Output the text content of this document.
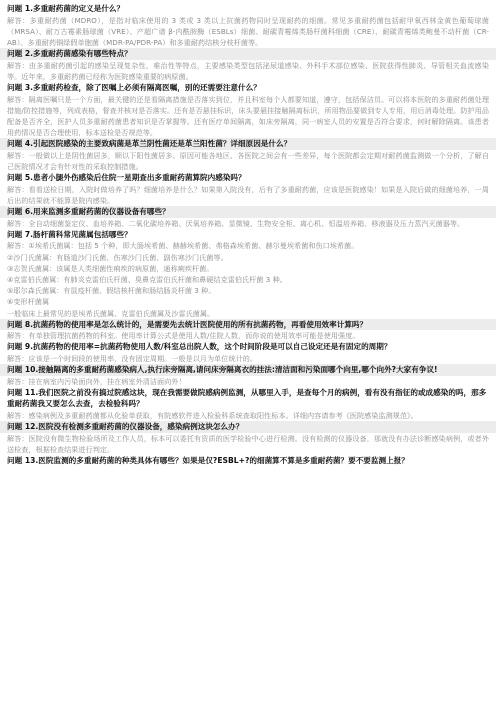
问题 1.多重耐药菌的定义是什么？

解答：多重耐药菌（MDRO），是指对临床使用的 3 类或 3 类以上抗菌药物同时呈现耐药的细菌。常见多重耐药菌包括耐甲氧西林金黄色葡萄球菌（MRSA）、耐万古霉素肠球菌（VRE）、产超广谱 β-内酰胺酶（ESBLs）细菌、耐碳青霉烯类肠杆菌科细菌（CRE）、耐碳青霉烯类鲍曼不动杆菌（CR-AB）、多重耐药铜绿假单胞菌（MDR-PA/PDR-PA）和多重耐药结核分枝杆菌等。

问题 2.多重耐药菌感染有哪些特点？

解答：由多重耐药菌引起的感染呈现复杂性、难治性等特点，主要感染类型包括泌尿道感染、外科手术部位感染、医院获得性肺炎、导管相关血流感染等。近年来，多重耐药菌已经称为医院感染重要的病原菌。

问题 3.多重耐药检查，除了医嘱上必须有隔离医嘱，别的还需要注意什么？

解答：隔离医嘱只是一个方面，最关键的还是看隔离措施是否落实到位，并且科室每个人都要知道，遵守，包括保洁员。可以将本医院的多重耐药菌处理措施/防控措施等，列成表格，督查并核对是否落实。还有是否悬挂标识，床头要悬挂接触隔离标识，所用物品要做到专人专用，用后消毒处理。防护用品配备是否齐全，医护人员多重耐药菌患者知识是否掌握等。还有医疗单间隔离，如床旁隔离，同一病室人员的安置是否符合要求，何时解除隔离。该患者用药情况是否合理使用，标本送检是否规范等。

问题 4.引起医院感染的主要致病菌是革兰阴性菌还是革兰阳性菌？详细原因是什么？

解答：一般做以上是阴性菌居多，顺以下阳性菌居多。原因可能各地区、各医院之间会有一些差异，每个医院都会定期对耐药菌监测做一个分析，了解自己医院情况才会有针对性的采取控制措施。

问题 5.患者小腿外伤感染后住院一星期查出多重耐药菌算院内感染吗？

解答：看看送检日期，入院时做培养了吗？细菌培养是什么？如果第入院没有，后有了多重耐药菌，应该是医院感染！如果是入院后做的细菌培养，一周后出的结果就不能算是院内感染。

问题 6.用来监测多重耐药菌的仪器设备有哪些？

解答：全自动细菌鉴定仪、血培养箱、二氧化碳培养箱、厌氧培养箱、显微镜、生物安全柜、离心机、恒温培养箱、移液器及压力蒸汽灭菌器等。

问题 7.肠杆菌科常见菌属包括哪些？

解答：①埃希氏菌属：包括 5 个种，即大肠埃希菌、赫赫埃希菌、弗格森埃希菌、赫尔曼埃希菌和伤口埃希菌。

②沙门氏菌属：有肠道沙门氏菌、伤寒沙门氏菌、副伤寒沙门氏菌等。

③志贺氏菌属：该属是人类细菌性痢疾的病原菌，通称痢疾杆菌。

④克雷伯氏菌属：有肺炎克雷伯氏杆菌、臭鼻克雷伯氏杆菌和鼻硬结克雷伯氏杆菌 3 种。

⑤耶尔森氏菌属：有鼠疫杆菌、假结核杆菌和肠结肠炎杆菌 3 种。

⑥变形杆菌属

一般临床上最常见的是埃希氏菌属、克雷伯氏菌属及沙雷氏菌属。

问题 8.抗菌药物的使用率是怎么统计的，是需要先去统计医院使用的所有抗菌药物，再看使用效率计算吗？

解答：有单独管理抗菌药物的科室。使用率计算公式是使用人数/住院人数，而你说的使用效率可能是使用强度。

问题 9.抗菌药物的使用率=抗菌药物使用人数/科室总出院人数，这个时间阶段是可以自己设定还是有固定的周期？

解答：应该是一个时间段的使用率，没有固定周期。一般是以月为单位统计的。

问题 10.接触隔离的多重耐药菌感染病人,执行床旁隔离,请问床旁隔离衣的挂法:清洁面和污染面哪个向里,哪个向外?大家有争议!

解答：挂在病室内污染面向外，挂在病室外清洁面向外！

问题 11.我们医院之前没有搞过院感这块，现在我需要做院感病例监测，从哪里入手，是查每个月的病例，看有没有指征的或成感染的吗，那多重耐药菌我又要怎么去查，去检验科吗？

解答：感染病例及多重耐药菌都从化验单获取，有院感软件进入检验科系统查取阳性标本。详细内容请参考《医院感染监测规范》。

问题 12.医院没有检测多重耐药菌的仪器设备，感染病例这块怎么办？

解答：医院没有微生物检验场所及工作人员，标本可以委托有资质的医学检验中心进行检测。没有检测的仪器设备，那就没有办法诊断感染病例，或者外送检查，根据检查结果进行判定。

问题 13.医院监测的多重耐药菌的种类具体有哪些？如果是仅?ESBL+?的细菌算不算是多重耐药菌？要不要监测上报？
